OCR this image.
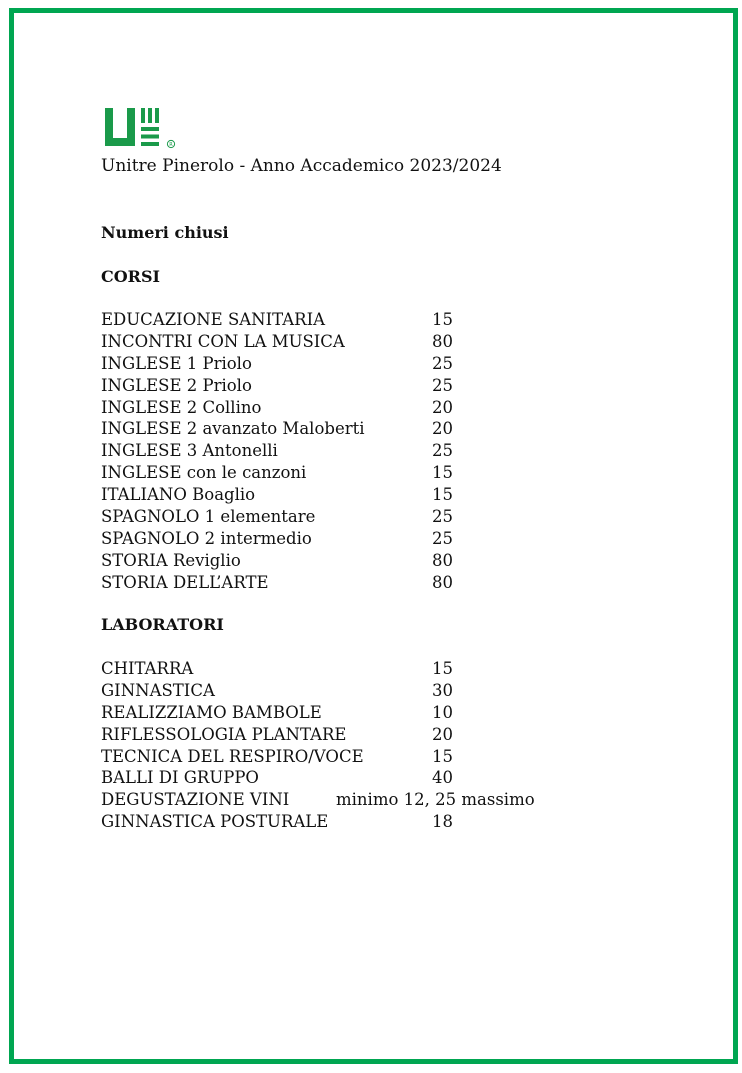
R
Unitre Pinerolo - Anno Accademico 2023/2024
Numeri chiusi
CORSI
EDUCAZIONE SANITARIA	15
INCONTRI CON LA MUSICA	80
INGLESE 1 Priolo	25
INGLESE 2 Priolo	25
INGLESE 2 Collino	20
INGLESE 2 avanzato Maloberti	20
INGLESE 3 Antonelli	25
INGLESE con le canzoni	15
ITALIANO Boaglio	15
SPAGNOLO 1 elementare	25
SPAGNOLO 2 intermedio	25
STORIA Reviglio	80
STORIA DELL’ARTE	80
LABORATORI
CHITARRA	15
GINNASTICA	30
REALIZZIAMO BAMBOLE	10
RIFLESSOLOGIA PLANTARE	20
TECNICA DEL RESPIRO/VOCE	15
BALLI DI GRUPPO	40
DEGUSTAZIONE VINI	minimo 12, 25 massimo
GINNASTICA POSTURALE	18
